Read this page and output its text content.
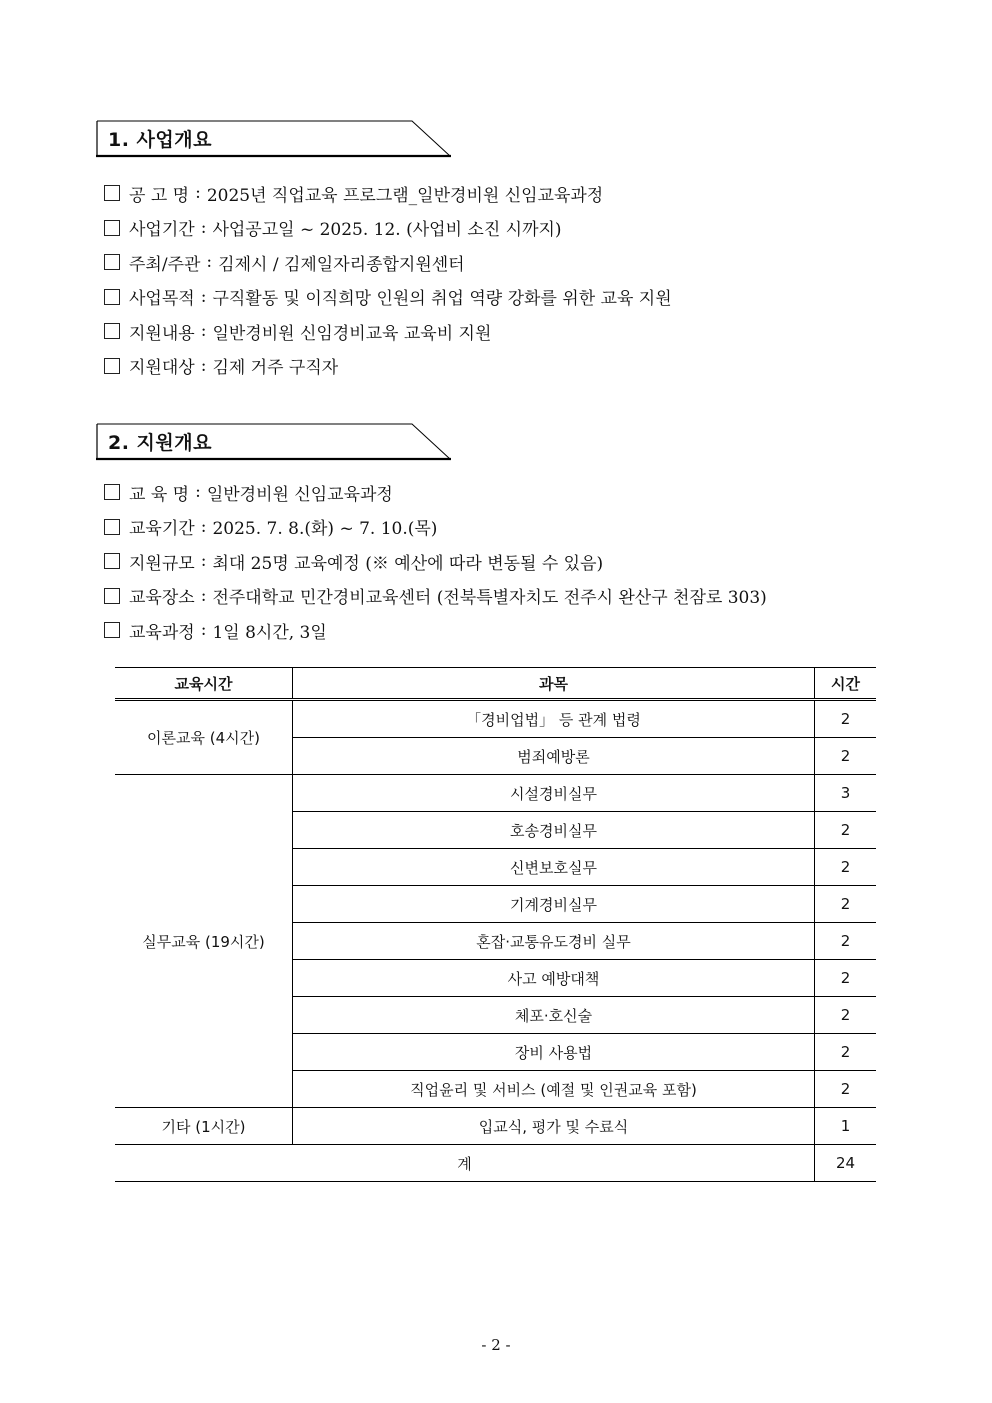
1. 사업개요
공 고 명 : 2025년 직업교육 프로그램_일반경비원 신임교육과정
사업기간 : 사업공고일 ~ 2025. 12. (사업비 소진 시까지)
주최/주관 : 김제시 / 김제일자리종합지원센터
사업목적 : 구직활동 및 이직희망 인원의 취업 역량 강화를 위한 교육 지원
지원내용 : 일반경비원 신임경비교육 교육비 지원
지원대상 : 김제 거주 구직자
2. 지원개요
교 육 명 : 일반경비원 신임교육과정
교육기간 : 2025. 7. 8.(화) ~ 7. 10.(목)
지원규모 : 최대 25명 교육예정 (※ 예산에 따라 변동될 수 있음)
교육장소 : 전주대학교 민간경비교육센터 (전북특별자치도 전주시 완산구 천잠로 303)
교육과정 : 1일 8시간, 3일
교육시간	과목	시간
이론교육 (4시간)	「경비업법」 등 관계 법령	2
	범죄예방론	2
실무교육 (19시간)	시설경비실무	3
	호송경비실무	2
	신변보호실무	2
	기계경비실무	2
	혼잡·교통유도경비 실무	2
	사고 예방대책	2
	체포·호신술	2
	장비 사용법	2
	직업윤리 및 서비스 (예절 및 인권교육 포함)	2
기타 (1시간)	입교식, 평가 및 수료식	1
계		24
- 2 -
